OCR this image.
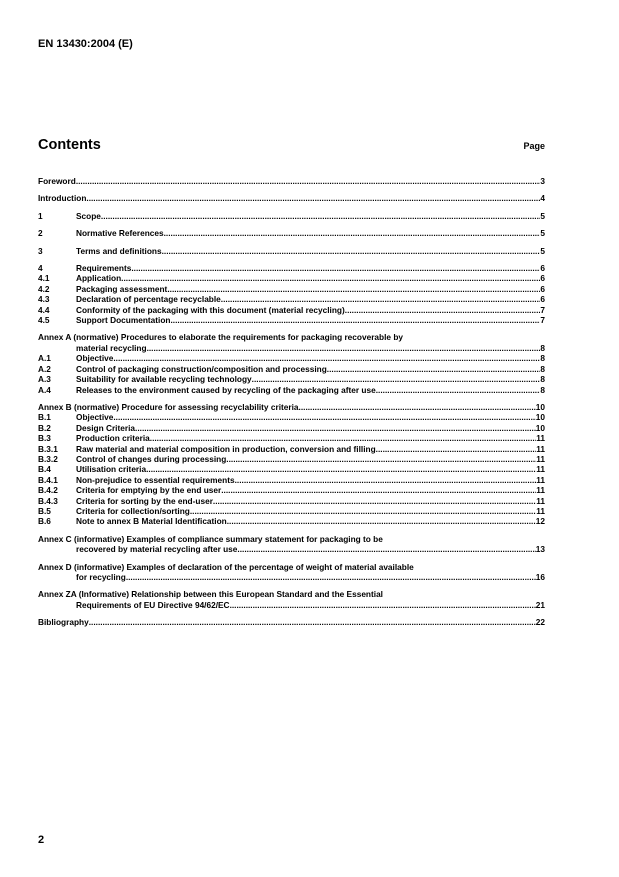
EN 13430:2004 (E)
Contents	Page
Foreword .....	3
Introduction .....	4
1	Scope .....	5
2	Normative References .....	5
3	Terms and definitions .....	5
4	Requirements .....	6
4.1	Application .....	6
4.2	Packaging assessment .....	6
4.3	Declaration of percentage recyclable .....	6
4.4	Conformity of the packaging with this document (material recycling) .....	7
4.5	Support Documentation .....	7
Annex A (normative) Procedures to elaborate the requirements for packaging recoverable by
material recycling .....	8
A.1	Objective .....	8
A.2	Control of packaging construction/composition and processing .....	8
A.3	Suitability for available recycling technology .....	8
A.4	Releases to the environment caused by recycling of the packaging after use .....	8
Annex B (normative) Procedure for assessing recyclability criteria .....	10
B.1	Objective .....	10
B.2	Design Criteria .....	10
B.3	Production criteria .....	11
B.3.1	Raw material and material composition in production, conversion and filling .....	11
B.3.2	Control of changes during processing .....	11
B.4	Utilisation criteria .....	11
B.4.1	Non-prejudice to essential requirements .....	11
B.4.2	Criteria for emptying by the end user .....	11
B.4.3	Criteria for sorting by the end-user .....	11
B.5	Criteria for collection/sorting .....	11
B.6	Note to annex B Material Identification .....	12
Annex C (informative) Examples of compliance summary statement for packaging to be
recovered by material recycling after use .....	13
Annex D (informative) Examples of declaration of the percentage of weight of material available
for recycling .....	16
Annex ZA (Informative) Relationship between this European Standard and the Essential
Requirements of EU Directive 94/62/EC .....	21
Bibliography .....	22
2
